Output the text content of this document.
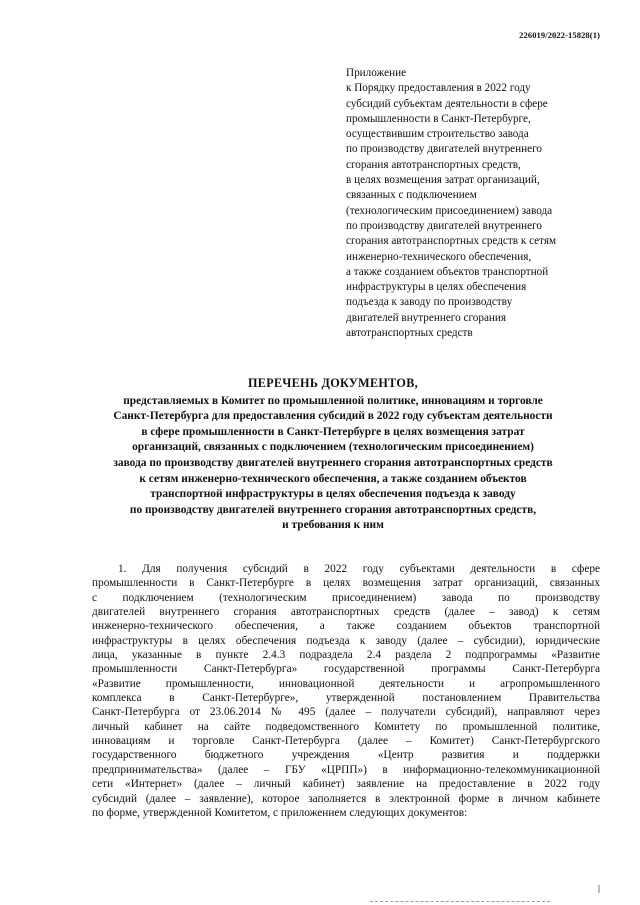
226019/2022-15828(1)
Приложение
к Порядку предоставления в 2022 году
субсидий субъектам деятельности в сфере
промышленности в Санкт-Петербурге,
осуществившим строительство завода
по производству двигателей внутреннего
сгорания автотранспортных средств,
в целях возмещения затрат организаций,
связанных с подключением
(технологическим присоединением) завода
по производству двигателей внутреннего
сгорания автотранспортных средств к сетям
инженерно-технического обеспечения,
а также созданием объектов транспортной
инфраструктуры в целях обеспечения
подъезда к заводу по производству
двигателей внутреннего сгорания
автотранспортных средств
ПЕРЕЧЕНЬ ДОКУМЕНТОВ,
представляемых в Комитет по промышленной политике, инновациям и торговле
Санкт-Петербурга для предоставления субсидий в 2022 году субъектам деятельности
в сфере промышленности в Санкт-Петербурге в целях возмещения затрат
организаций, связанных с подключением (технологическим присоединением)
завода по производству двигателей внутреннего сгорания автотранспортных средств
к сетям инженерно-технического обеспечения, а также созданием объектов
транспортной инфраструктуры в целях обеспечения подъезда к заводу
по производству двигателей внутреннего сгорания автотранспортных средств,
и требования к ним
1. Для получения субсидий в 2022 году субъектами деятельности в сфере
промышленности в Санкт-Петербурге в целях возмещения затрат организаций, связанных
с подключением (технологическим присоединением) завода по производству
двигателей внутреннего сгорания автотранспортных средств (далее – завод) к сетям
инженерно-технического обеспечения, а также созданием объектов транспортной
инфраструктуры в целях обеспечения подъезда к заводу (далее – субсидии), юридические
лица, указанные в пункте 2.4.3 подраздела 2.4 раздела 2 подпрограммы «Развитие
промышленности Санкт-Петербурга» государственной программы Санкт-Петербурга
«Развитие промышленности, инновационной деятельности и агропромышленного
комплекса в Санкт-Петербурге», утвержденной постановлением Правительства
Санкт-Петербурга от 23.06.2014 № 495 (далее – получатели субсидий), направляют через
личный кабинет на сайте подведомственного Комитету по промышленной политике,
инновациям и торговле Санкт-Петербурга (далее – Комитет) Санкт-Петербургского
государственного бюджетного учреждения «Центр развития и поддержки
предпринимательства» (далее – ГБУ «ЦРПП») в информационно-телекоммуникационной
сети «Интернет» (далее – личный кабинет) заявление на предоставление в 2022 году
субсидий (далее – заявление), которое заполняется в электронной форме в личном кабинете
по форме, утвержденной Комитетом, с приложением следующих документов:
